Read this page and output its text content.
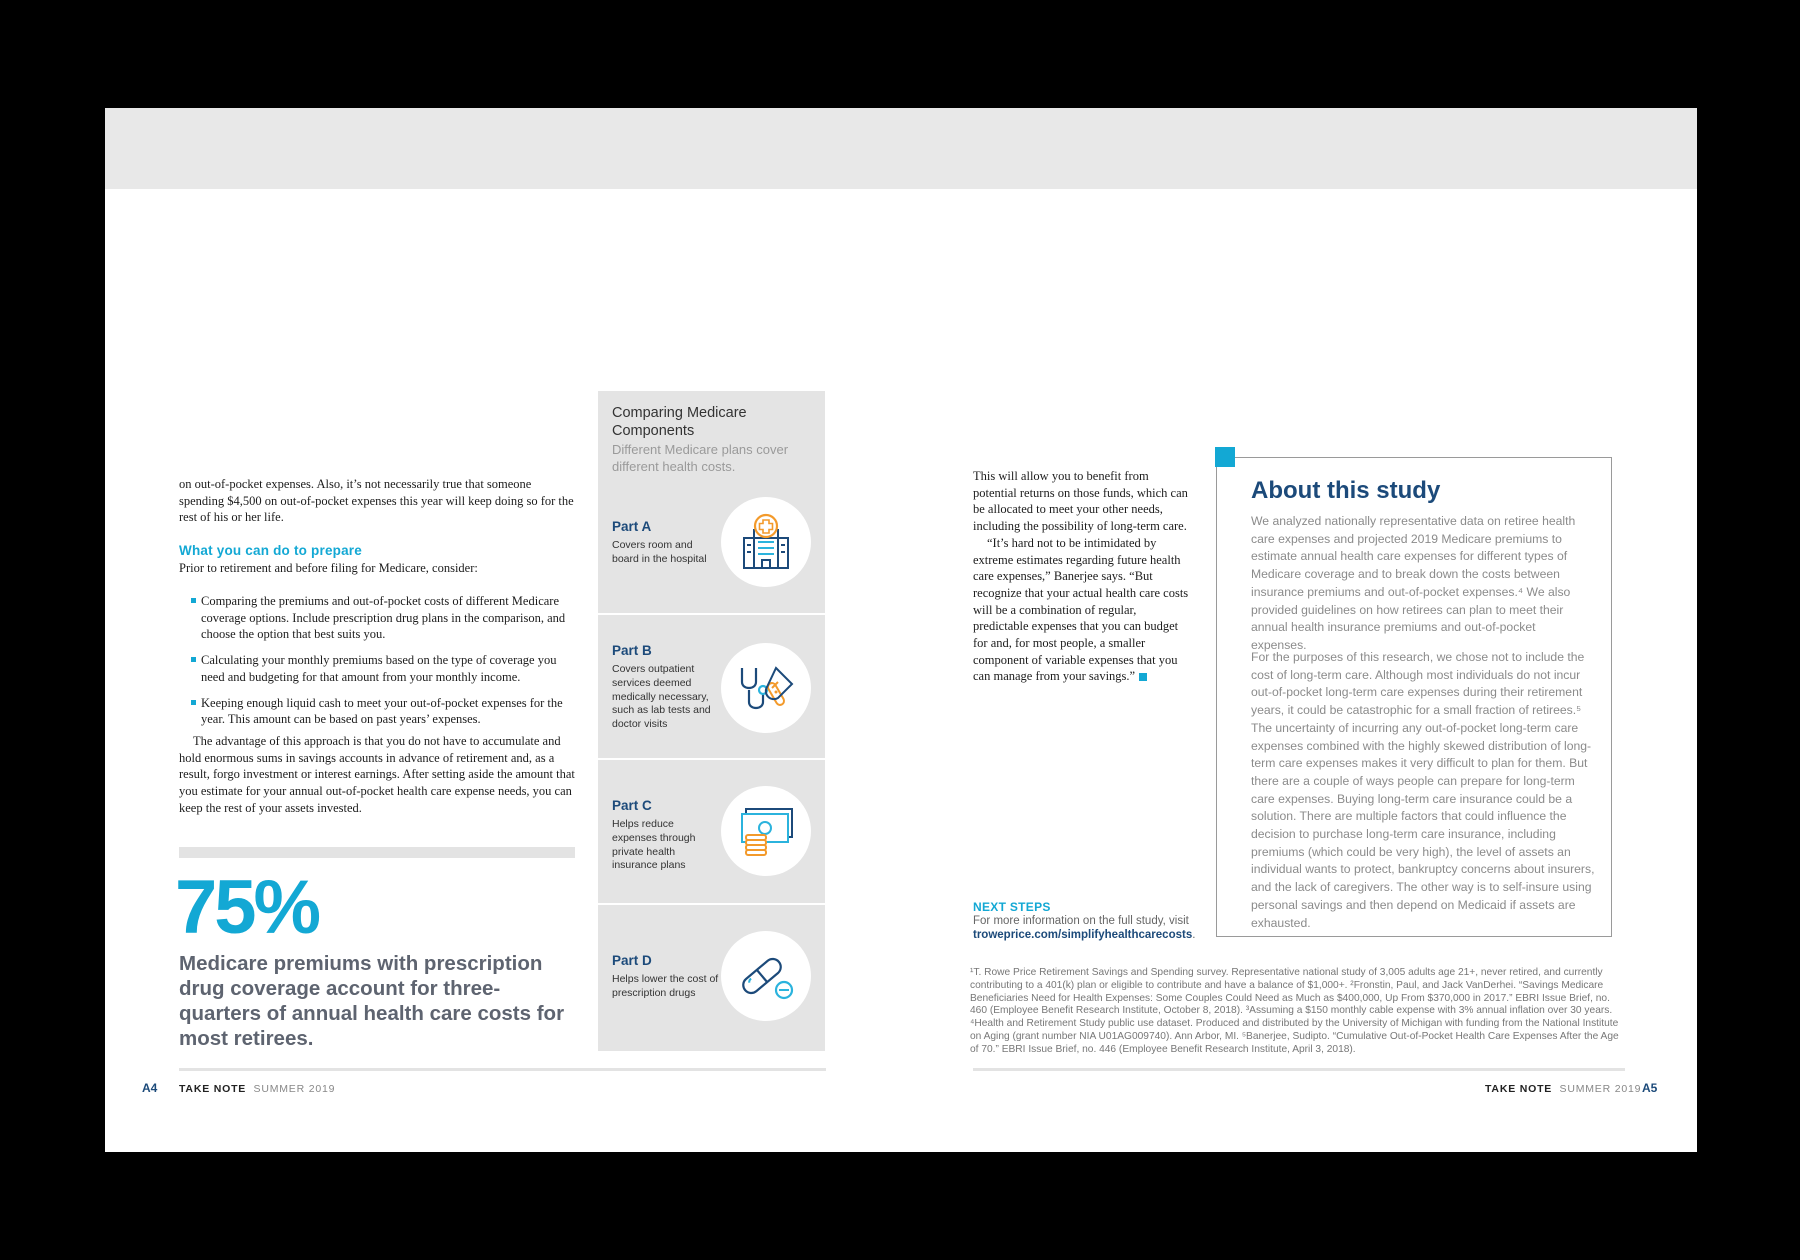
on out-of-pocket expenses. Also, it’s not necessarily true that someone spending $4,500 on out-of-pocket expenses this year will keep doing so for the rest of his or her life.

What you can do to prepare

Prior to retirement and before filing for Medicare, consider:

Comparing the premiums and out-of-pocket costs of different Medicare coverage options. Include prescription drug plans in the comparison, and choose the option that best suits you.
Calculating your monthly premiums based on the type of coverage you need and budgeting for that amount from your monthly income.
Keeping enough liquid cash to meet your out-of-pocket expenses for the year. This amount can be based on past years’ expenses.

The advantage of this approach is that you do not have to accumulate and hold enormous sums in savings accounts in advance of retirement and, as a result, forgo investment or interest earnings. After setting aside the amount that you estimate for your annual out-of-pocket health care expense needs, you can keep the rest of your assets invested.

75%
Medicare premiums with prescription drug coverage account for three-quarters of annual health care costs for most retirees.
Comparing Medicare Components
Different Medicare plans cover different health costs.
Part A
Covers room and board in the hospital
Part B
Covers outpatient services deemed medically necessary, such as lab tests and doctor visits
Part C
Helps reduce expenses through private health insurance plans
Part D
Helps lower the cost of prescription drugs

This will allow you to benefit from potential returns on those funds, which can be allocated to meet your other needs, including the possibility of long-term care.

“It’s hard not to be intimidated by extreme estimates regarding future health care expenses,” Banerjee says. “But recognize that your actual health care costs will be a combination of regular, predictable expenses that you can budget for and, for most people, a smaller component of variable expenses that you can manage from your savings.”

NEXT STEPS
For more information on the full study, visit
troweprice.com/simplifyhealthcarecosts.
About this study

We analyzed nationally representative data on retiree health care expenses and projected 2019 Medicare premiums to estimate annual health care expenses for different types of Medicare coverage and to break down the costs between insurance premiums and out-of-pocket expenses.⁴ We also provided guidelines on how retirees can plan to meet their annual health insurance premiums and out-of-pocket expenses.

For the purposes of this research, we chose not to include the cost of long-term care. Although most individuals do not incur out-of-pocket long-term care expenses during their retirement years, it could be catastrophic for a small fraction of retirees.⁵ The uncertainty of incurring any out-of-pocket long-term care expenses combined with the highly skewed distribution of long-term care expenses makes it very difficult to plan for them. But there are a couple of ways people can prepare for long-term care expenses. Buying long-term care insurance could be a solution. There are multiple factors that could influence the decision to purchase long-term care insurance, including premiums (which could be very high), the level of assets an individual wants to protect, bankruptcy concerns about insurers, and the lack of caregivers. The other way is to self-insure using personal savings and then depend on Medicaid if assets are exhausted.

¹T. Rowe Price Retirement Savings and Spending survey. Representative national study of 3,005 adults age 21+, never retired, and currently contributing to a 401(k) plan or eligible to contribute and have a balance of $1,000+. ²Fronstin, Paul, and Jack VanDerhei. “Savings Medicare Beneficiaries Need for Health Expenses: Some Couples Could Need as Much as $400,000, Up From $370,000 in 2017.” EBRI Issue Brief, no. 460 (Employee Benefit Research Institute, October 8, 2018). ³Assuming a $150 monthly cable expense with 3% annual inflation over 30 years. ⁴Health and Retirement Study public use dataset. Produced and distributed by the University of Michigan with funding from the National Institute on Aging (grant number NIA U01AG009740). Ann Arbor, MI. ⁵Banerjee, Sudipto. “Cumulative Out-of-Pocket Health Care Expenses After the Age of 70.” EBRI Issue Brief, no. 446 (Employee Benefit Research Institute, April 3, 2018).

A4 TAKE NOTE SUMMER 2019	TAKE NOTE SUMMER 2019 A5
